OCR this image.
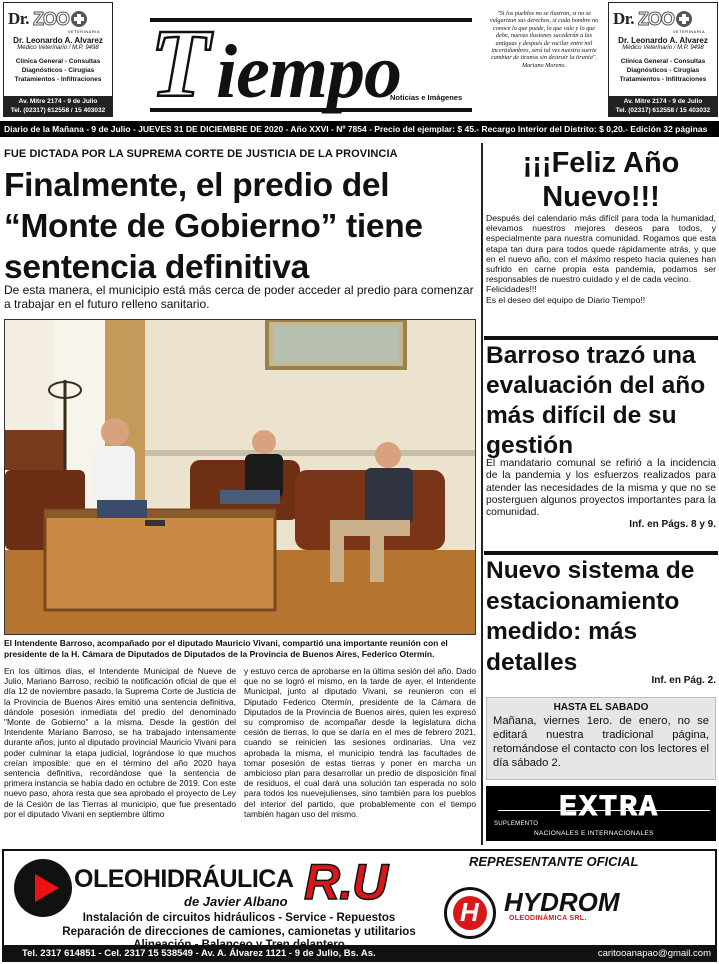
Dr. ZOO
VETERINARIA
Dr. Leonardo A. Alvarez
Médico Veterinario / M.P. 9498
Clínica General - Consultas
Diagnósticos - Cirugías
Tratamientos - Infiltraciones
Av. Mitre 2174 - 9 de Julio
Tel. (02317) 612558 / 15 403032 T iempo
Noticias e Imágenes
"Si los pueblos no se ilustran, si no se vulgarizan sus derechos, si cada hombre no conoce lo que puede, lo que vale y lo que debe, nuevas ilusiones sucederán a las antiguas y después de vacilar entre mil incertidumbres, será tal vez nuestra suerte cambiar de tiranos sin destruir la tiranía". Mariano Moreno.
Dr. ZOO
VETERINARIA
Dr. Leonardo A. Alvarez
Médico Veterinario / M.P. 9498
Clínica General - Consultas
Diagnósticos - Cirugías
Tratamientos - Infiltraciones
Av. Mitre 2174 - 9 de Julio
Tel. (02317) 612558 / 15 403032
Diario de la Mañana - 9 de Julio - JUEVES 31 DE DICIEMBRE DE 2020 - Año XXVI - Nº 7854 - Precio del ejemplar: $ 45.- Recargo Interior del Distrito: $ 0,20.- Edición 32 páginas
FUE DICTADA POR LA SUPREMA CORTE DE JUSTICIA DE LA PROVINCIA
Finalmente, el predio del “Monte de Gobierno” tiene sentencia definitiva
De esta manera, el municipio está más cerca de poder acceder al predio para comenzar a trabajar en el futuro relleno sanitario.
El Intendente Barroso, acompañado por el diputado Mauricio Vivani, compartió una importante reunión con el presidente de la H. Cámara de Diputados de Diputados de la Provincia de Buenos Aires, Federico Otermín.

En los últimos días, el Intendente Municipal de Nueve de Julio, Mariano Barroso, recibió la notificación oficial de que el día 12 de noviembre pasado, la Suprema Corte de Justicia de la Provincia de Buenos Aires emitió una sentencia definitiva, dándole posesión inmediata del predio del denominado "Monte de Gobierno" a la misma. Desde la gestión del Intendente Mariano Barroso, se ha trabajado intensamente durante años, junto al diputado provincial Mauricio Vivani para poder culminar la etapa judicial, lográndose lo que muchos creían imposible: que en el término del año 2020 haya sentencia definitiva, recordándose que la sentencia de primera instancia se había dado en octubre de 2019. Con este nuevo paso, ahora resta que sea aprobado el proyecto de Ley de la Cesión de las Tierras al municipio, que fue presentado por el diputado Vivani en septiembre último

y estuvo cerca de aprobarse en la última sesión del año. Dado que no se logró el mismo, en la tarde de ayer, el Intendente Municipal, junto al diputado Vivani, se reunieron con el Diputado Federico Otermín, presidente de la Cámara de Diputados de la Provincia de Buenos aires, quien les expresó su compromiso de acompañar desde la legislatura dicha cesión de tierras, lo que se daría en el mes de febrero 2021, cuando se reinicien las sesiones ordinarias. Una vez aprobada la misma, el municipio tendrá las facultades de tomar posesión de estas tierras y poner en marcha un ambicioso plan para desarrollar un predio de disposición final de residuos, el cual dará una solución tan esperada no solo para todos los nuevejulienses, sino también para los pueblos del interior del partido, que probablemente con el tiempo también hagan uso del mismo.

¡¡¡Feliz Año Nuevo!!!
Después del calendario más difícil para toda la humanidad, elevamos nuestros mejores deseos para todos, y especialmente para nuestra comunidad. Rogamos que esta etapa tan dura para todos quede rápidamente atrás, y que en el nuevo año, con el máximo respeto hacia quienes han sufrido en carne propia esta pandemia, podamos ser responsables de nuestro cuidado y el de cada vecino.
Felicidades!!!
Es el deseo del equipo de Diario Tiempo!!
Barroso trazó una evaluación del año más difícil de su gestión
El mandatario comunal se refirió a la incidencia de la pandemia y los esfuerzos realizados para atender las necesidades de la misma y que no se posterguen algunos proyectos importantes para la comunidad.
Inf. en Págs. 8 y 9.
Nuevo sistema de estacionamiento medido: más detalles
Inf. en Pág. 2.
HASTA EL SABADO
Mañana, viernes 1ero. de enero, no se editará nuestra tradicional página, retomándose el contacto con los lectores el día sábado 2.
SUPLEMENTO EXTRA
NACIONALES E INTERNACIONALES
OLEOHIDRÁULICA R.U
de Javier Albano
REPRESENTANTE OFICIAL
H
HYDROM
OLEODINÁMICA SRL.
Instalación de circuitos hidráulicos - Service - Repuestos
Reparación de direcciones de camiones, camionetas y utilitarios
Tel. 2317 614851 - Cel. 2317 15 538549 - Av. A. Álvarez 1121 - 9 de Julio, Bs. As.	caritooanapao@gmail.com
